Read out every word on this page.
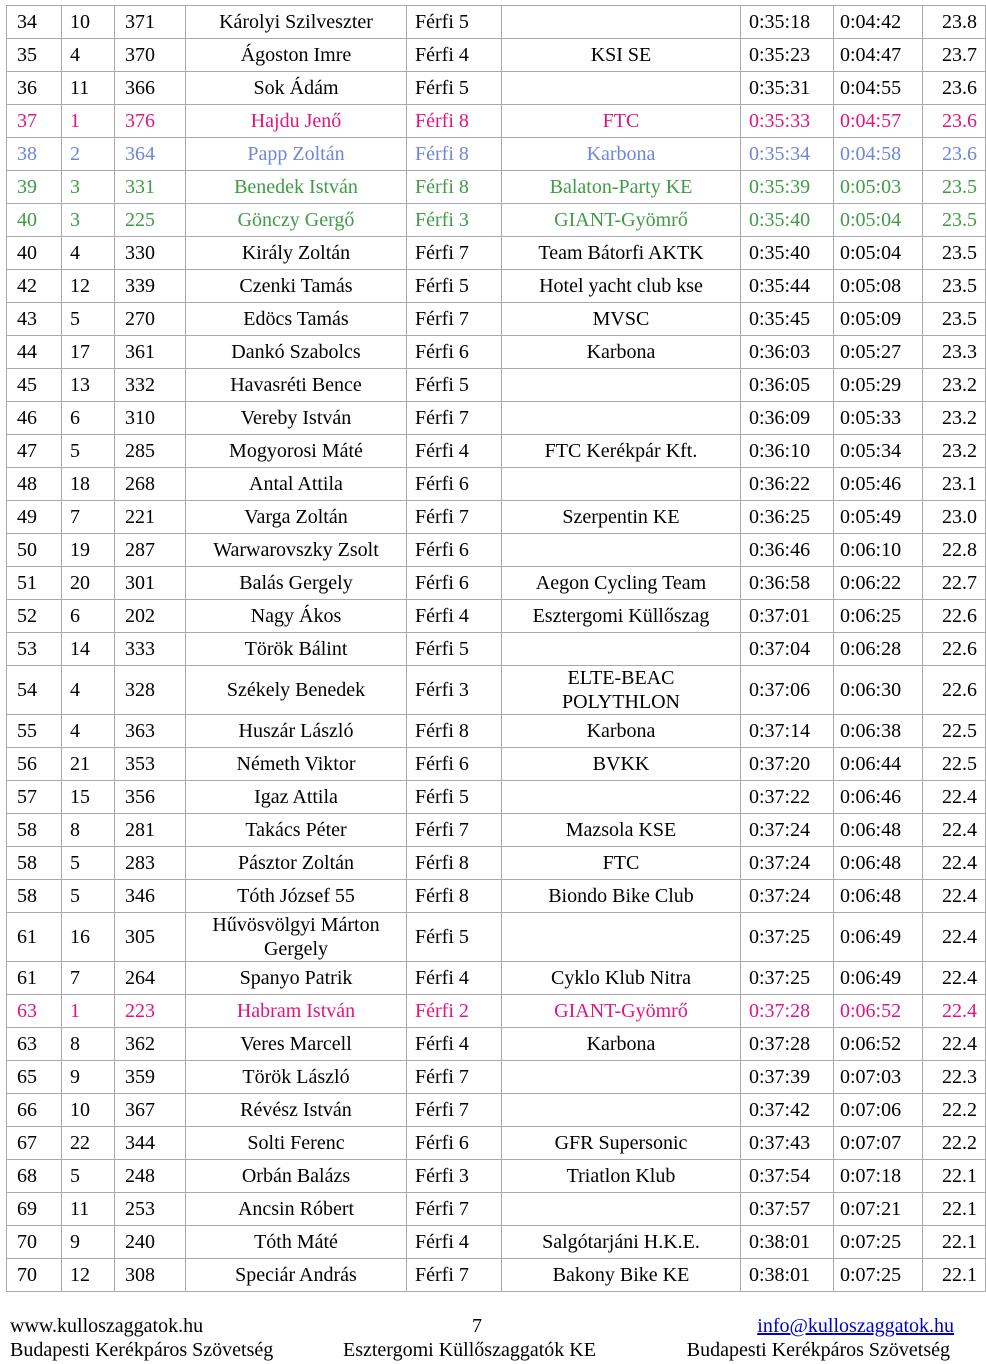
34	10	371	Károlyi Szilveszter	Férfi 5		0:35:18	0:04:42	23.8
35	4	370	Ágoston Imre	Férfi 4	KSI SE	0:35:23	0:04:47	23.7
36	11	366	Sok Ádám	Férfi 5		0:35:31	0:04:55	23.6
37	1	376	Hajdu Jenő	Férfi 8	FTC	0:35:33	0:04:57	23.6
38	2	364	Papp Zoltán	Férfi 8	Karbona	0:35:34	0:04:58	23.6
39	3	331	Benedek István	Férfi 8	Balaton-Party KE	0:35:39	0:05:03	23.5
40	3	225	Gönczy Gergő	Férfi 3	GIANT-Gyömrő	0:35:40	0:05:04	23.5
40	4	330	Király Zoltán	Férfi 7	Team Bátorfi AKTK	0:35:40	0:05:04	23.5
42	12	339	Czenki Tamás	Férfi 5	Hotel yacht club kse	0:35:44	0:05:08	23.5
43	5	270	Edöcs Tamás	Férfi 7	MVSC	0:35:45	0:05:09	23.5
44	17	361	Dankó Szabolcs	Férfi 6	Karbona	0:36:03	0:05:27	23.3
45	13	332	Havasréti Bence	Férfi 5		0:36:05	0:05:29	23.2
46	6	310	Vereby István	Férfi 7		0:36:09	0:05:33	23.2
47	5	285	Mogyorosi Máté	Férfi 4	FTC Kerékpár Kft.	0:36:10	0:05:34	23.2
48	18	268	Antal Attila	Férfi 6		0:36:22	0:05:46	23.1
49	7	221	Varga Zoltán	Férfi 7	Szerpentin KE	0:36:25	0:05:49	23.0
50	19	287	Warwarovszky Zsolt	Férfi 6		0:36:46	0:06:10	22.8
51	20	301	Balás Gergely	Férfi 6	Aegon Cycling Team	0:36:58	0:06:22	22.7
52	6	202	Nagy Ákos	Férfi 4	Esztergomi Küllőszag	0:37:01	0:06:25	22.6
53	14	333	Török Bálint	Férfi 5		0:37:04	0:06:28	22.6
54	4	328	Székely Benedek	Férfi 3	ELTE-BEAC POLYTHLON	0:37:06	0:06:30	22.6
55	4	363	Huszár László	Férfi 8	Karbona	0:37:14	0:06:38	22.5
56	21	353	Németh Viktor	Férfi 6	BVKK	0:37:20	0:06:44	22.5
57	15	356	Igaz Attila	Férfi 5		0:37:22	0:06:46	22.4
58	8	281	Takács Péter	Férfi 7	Mazsola KSE	0:37:24	0:06:48	22.4
58	5	283	Pásztor Zoltán	Férfi 8	FTC	0:37:24	0:06:48	22.4
58	5	346	Tóth József 55	Férfi 8	Biondo Bike Club	0:37:24	0:06:48	22.4
61	16	305	Hűvösvölgyi Márton Gergely	Férfi 5		0:37:25	0:06:49	22.4
61	7	264	Spanyo Patrik	Férfi 4	Cyklo Klub Nitra	0:37:25	0:06:49	22.4
63	1	223	Habram István	Férfi 2	GIANT-Gyömrő	0:37:28	0:06:52	22.4
63	8	362	Veres Marcell	Férfi 4	Karbona	0:37:28	0:06:52	22.4
65	9	359	Török László	Férfi 7		0:37:39	0:07:03	22.3
66	10	367	Révész István	Férfi 7		0:37:42	0:07:06	22.2
67	22	344	Solti Ferenc	Férfi 6	GFR Supersonic	0:37:43	0:07:07	22.2
68	5	248	Orbán Balázs	Férfi 3	Triatlon Klub	0:37:54	0:07:18	22.1
69	11	253	Ancsin Róbert	Férfi 7		0:37:57	0:07:21	22.1
70	9	240	Tóth Máté	Férfi 4	Salgótarjáni H.K.E.	0:38:01	0:07:25	22.1
70	12	308	Speciár András	Férfi 7	Bakony Bike KE	0:38:01	0:07:25	22.1
www.kulloszaggatok.hu	7	info@kulloszaggatok.hu
Budapesti Kerékpáros Szövetség	Esztergomi Küllőszaggatók KE	Budapesti Kerékpáros Szövetség
